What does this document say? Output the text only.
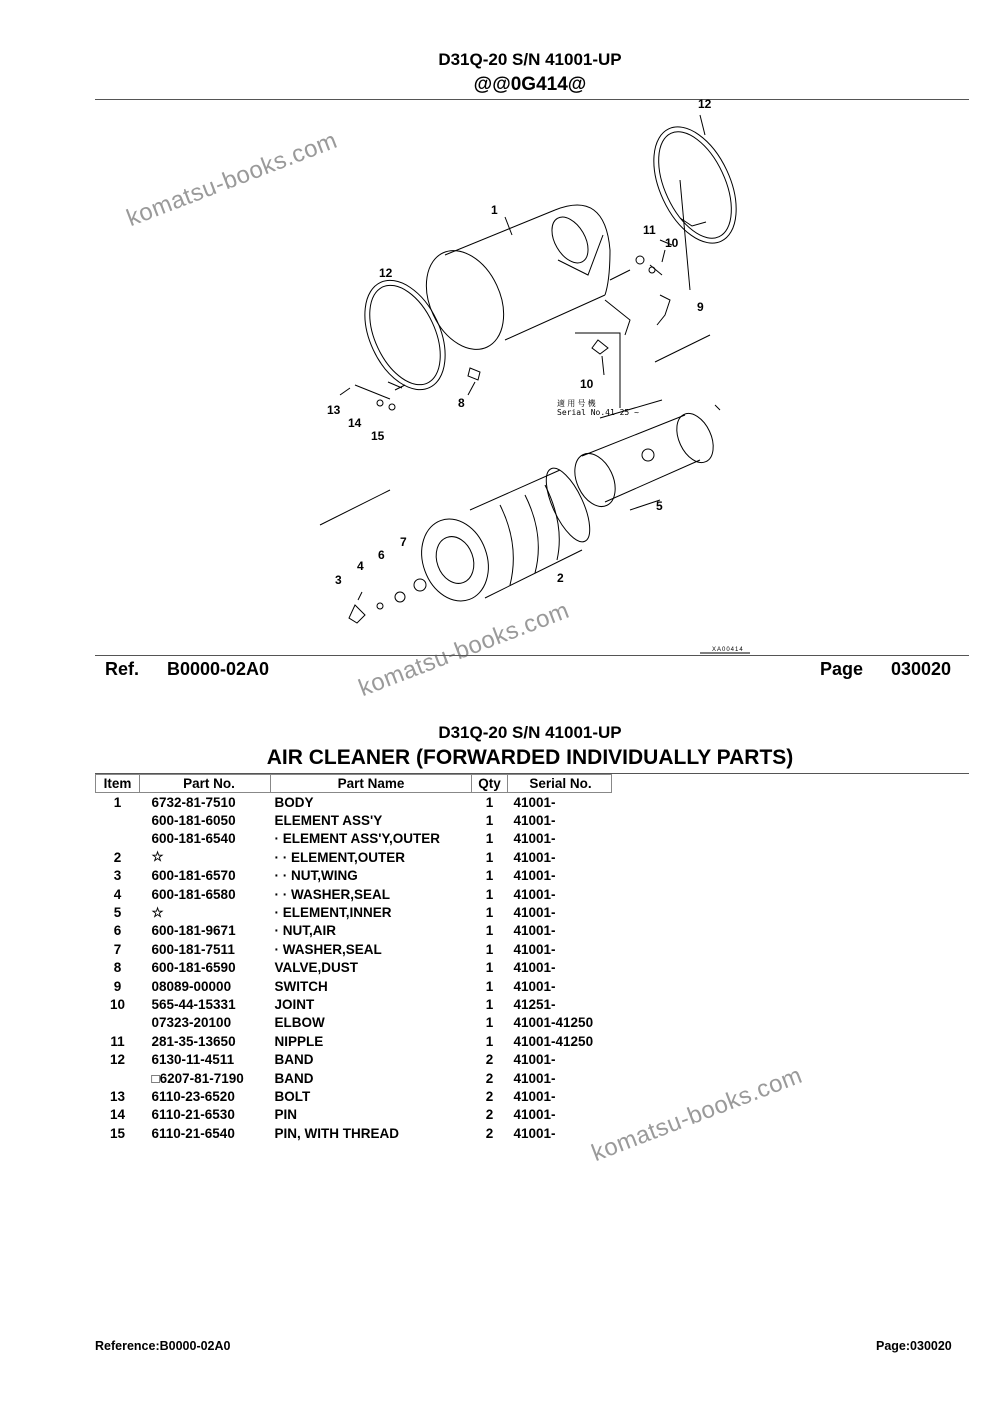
D31Q-20 S/N 41001-UP
@@0G414@
12
1
11
10
12
9
13
14
15
8
10
5
7
6
4
3	2
適 用 号 機
Serial No.41 25 ~
XA00414
komatsu-books.com
komatsu-books.com
komatsu-books.com
Ref. B0000-02A0	Page 030020
D31Q-20 S/N 41001-UP
AIR CLEANER (FORWARDED INDIVIDUALLY PARTS)
Item	Part No.	Part Name	Qty	Serial No.
1	6732-81-7510	BODY	1	41001-
	600-181-6050	ELEMENT ASS'Y	1	41001-
	600-181-6540	· ELEMENT ASS'Y,OUTER	1	41001-
2	☆	· · ELEMENT,OUTER	1	41001-
3	600-181-6570	· · NUT,WING	1	41001-
4	600-181-6580	· · WASHER,SEAL	1	41001-
5	☆	· ELEMENT,INNER	1	41001-
6	600-181-9671	· NUT,AIR	1	41001-
7	600-181-7511	· WASHER,SEAL	1	41001-
8	600-181-6590	VALVE,DUST	1	41001-
9	08089-00000	SWITCH	1	41001-
10	565-44-15331	JOINT	1	41251-
	07323-20100	ELBOW	1	41001-41250
11	281-35-13650	NIPPLE	1	41001-41250
12	6130-11-4511	BAND	2	41001-
	□6207-81-7190	BAND	2	41001-
13	6110-23-6520	BOLT	2	41001-
14	6110-21-6530	PIN	2	41001-
15	6110-21-6540	PIN, WITH THREAD	2	41001-
Reference:B0000-02A0	Page:030020
